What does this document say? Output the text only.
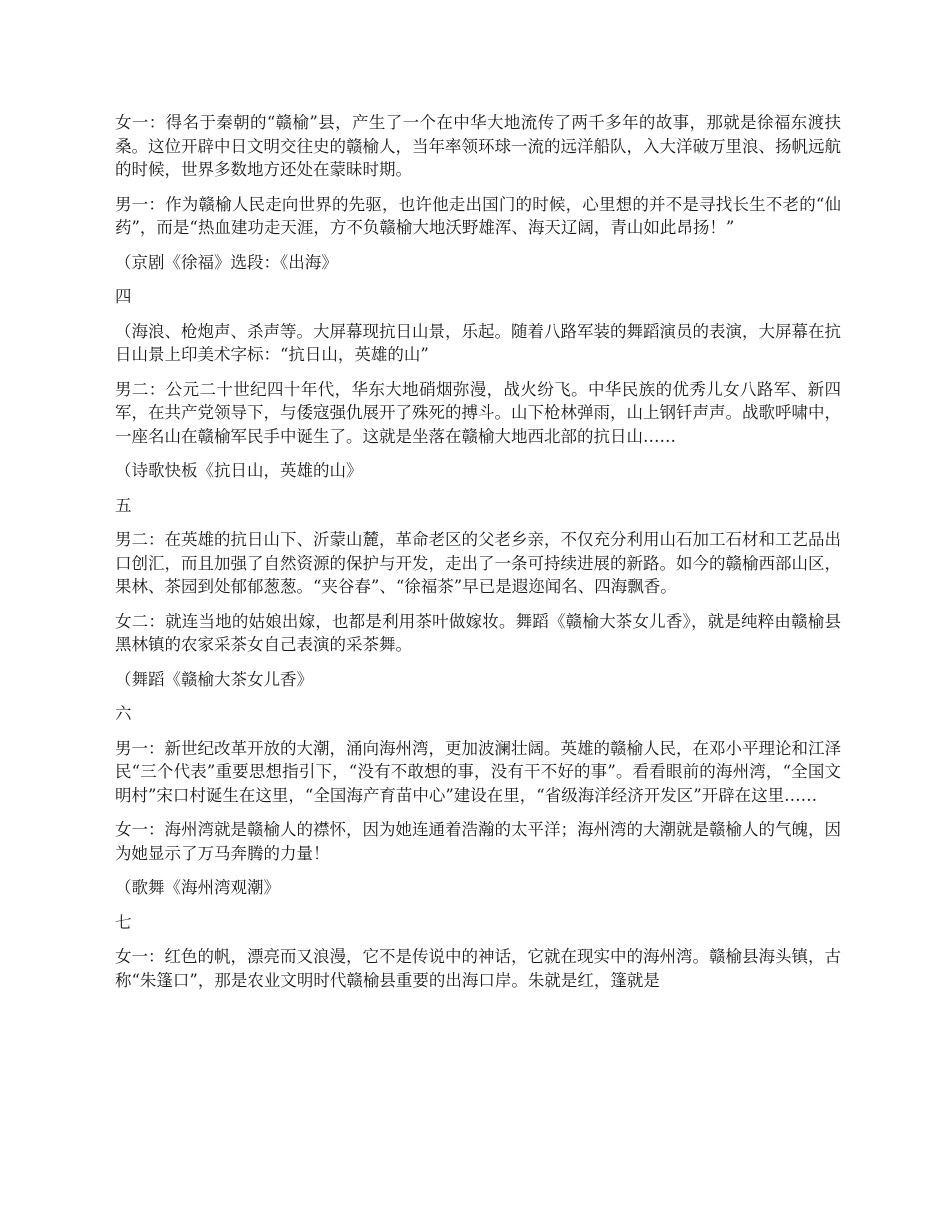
女一：得名于秦朝的“赣榆”县，产生了一个在中华大地流传了两千多年的故事，那就是徐福东渡扶桑。这位开辟中日文明交往史的赣榆人，当年率领环球一流的远洋船队，入大洋破万里浪、扬帆远航的时候，世界多数地方还处在蒙昧时期。

男一：作为赣榆人民走向世界的先驱，也许他走出国门的时候，心里想的并不是寻找长生不老的“仙药”，而是“热血建功走天涯，方不负赣榆大地沃野雄浑、海天辽阔，青山如此昂扬！”

（京剧《徐福》选段：《出海》

四

（海浪、枪炮声、杀声等。大屏幕现抗日山景，乐起。随着八路军装的舞蹈演员的表演，大屏幕在抗日山景上印美术字标：“抗日山，英雄的山”

男二：公元二十世纪四十年代，华东大地硝烟弥漫，战火纷飞。中华民族的优秀儿女八路军、新四军，在共产党领导下，与倭寇强仇展开了殊死的搏斗。山下枪林弹雨，山上钢钎声声。战歌呼啸中，一座名山在赣榆军民手中诞生了。这就是坐落在赣榆大地西北部的抗日山……

（诗歌快板《抗日山，英雄的山》

五

男二：在英雄的抗日山下、沂蒙山麓，革命老区的父老乡亲，不仅充分利用山石加工石材和工艺品出口创汇，而且加强了自然资源的保护与开发，走出了一条可持续进展的新路。如今的赣榆西部山区，果林、茶园到处郁郁葱葱。“夹谷春”、“徐福茶”早已是遐迩闻名、四海飘香。

女二：就连当地的姑娘出嫁，也都是利用茶叶做嫁妆。舞蹈《赣榆大茶女儿香》，就是纯粹由赣榆县黑林镇的农家采茶女自己表演的采茶舞。

（舞蹈《赣榆大茶女儿香》

六

男一：新世纪改革开放的大潮，涌向海州湾，更加波澜壮阔。英雄的赣榆人民，在邓小平理论和江泽民“三个代表”重要思想指引下，“没有不敢想的事，没有干不好的事”。看看眼前的海州湾，“全国文明村”宋口村诞生在这里，“全国海产育苗中心”建设在里，“省级海洋经济开发区”开辟在这里……

女一：海州湾就是赣榆人的襟怀，因为她连通着浩瀚的太平洋；海州湾的大潮就是赣榆人的气魄，因为她显示了万马奔腾的力量！

（歌舞《海州湾观潮》

七

女一：红色的帆，漂亮而又浪漫，它不是传说中的神话，它就在现实中的海州湾。赣榆县海头镇，古称“朱篷口”，那是农业文明时代赣榆县重要的出海口岸。朱就是红，篷就是
